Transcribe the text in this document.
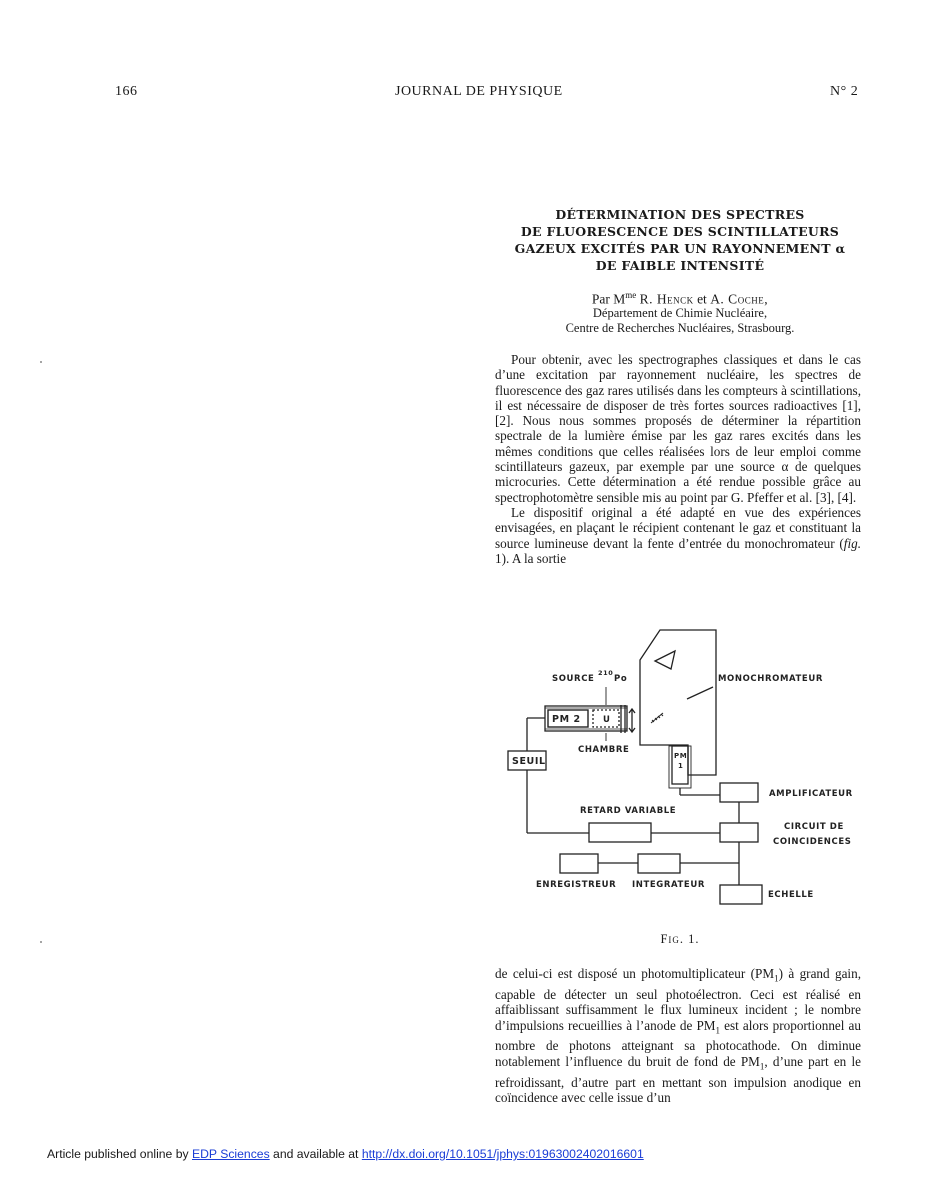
166	JOURNAL DE PHYSIQUE	N° 2
DÉTERMINATION DES SPECTRES
DE FLUORESCENCE DES SCINTILLATEURS
GAZEUX EXCITÉS PAR UN RAYONNEMENT α
DE FAIBLE INTENSITÉ
Par $M^{me}$ R. Henck et A. Coche,
Département de Chimie Nucléaire,
Centre de Recherches Nucléaires, Strasbourg.

Pour obtenir, avec les spectrographes classiques et dans le cas d’une excitation par rayonnement nucléaire, les spectres de fluorescence des gaz rares utilisés dans les compteurs à scintillations, il est nécessaire de disposer de très fortes sources radioactives [1], [2]. Nous nous sommes proposés de déterminer la répartition spectrale de la lumière émise par les gaz rares excités dans les mêmes conditions que celles réalisées lors de leur emploi comme scintillateurs gazeux, par exemple par une source α de quelques microcuries. Cette détermination a été rendue possible grâce au spectrophotomètre sensible mis au point par G. Pfeffer et al. [3], [4].

Le dispositif original a été adapté en vue des expériences envisagées, en plaçant le récipient contenant le gaz et constituant la source lumineuse devant la fente d’entrée du monochromateur (fig. 1). A la sortie

SOURCE
210
Po	MONOCHROMATEUR
PM 2	U
CHAMBRE
SEUIL	PM
1
AMPLIFICATEUR
RETARD VARIABLE
CIRCUIT DE
COINCIDENCES
ENREGISTREUR INTEGRATEUR
ECHELLE
Fig. 1.

de celui-ci est disposé un photomultiplicateur $(PM_1)$ à grand gain, capable de détecter un seul photoélectron. Ceci est réalisé en affaiblissant suffisamment le flux lumineux incident ; le nombre d’impulsions recueillies à l’anode de $PM_1$ est alors proportionnel au nombre de photons atteignant sa photocathode. On diminue notablement l’influence du bruit de fond de $PM_1$, d’une part en le refroidissant, d’autre part en mettant son impulsion anodique en coïncidence avec celle issue d’un

Article published online by EDP Sciences and available at http://dx.doi.org/10.1051/jphys:01963002402016601
